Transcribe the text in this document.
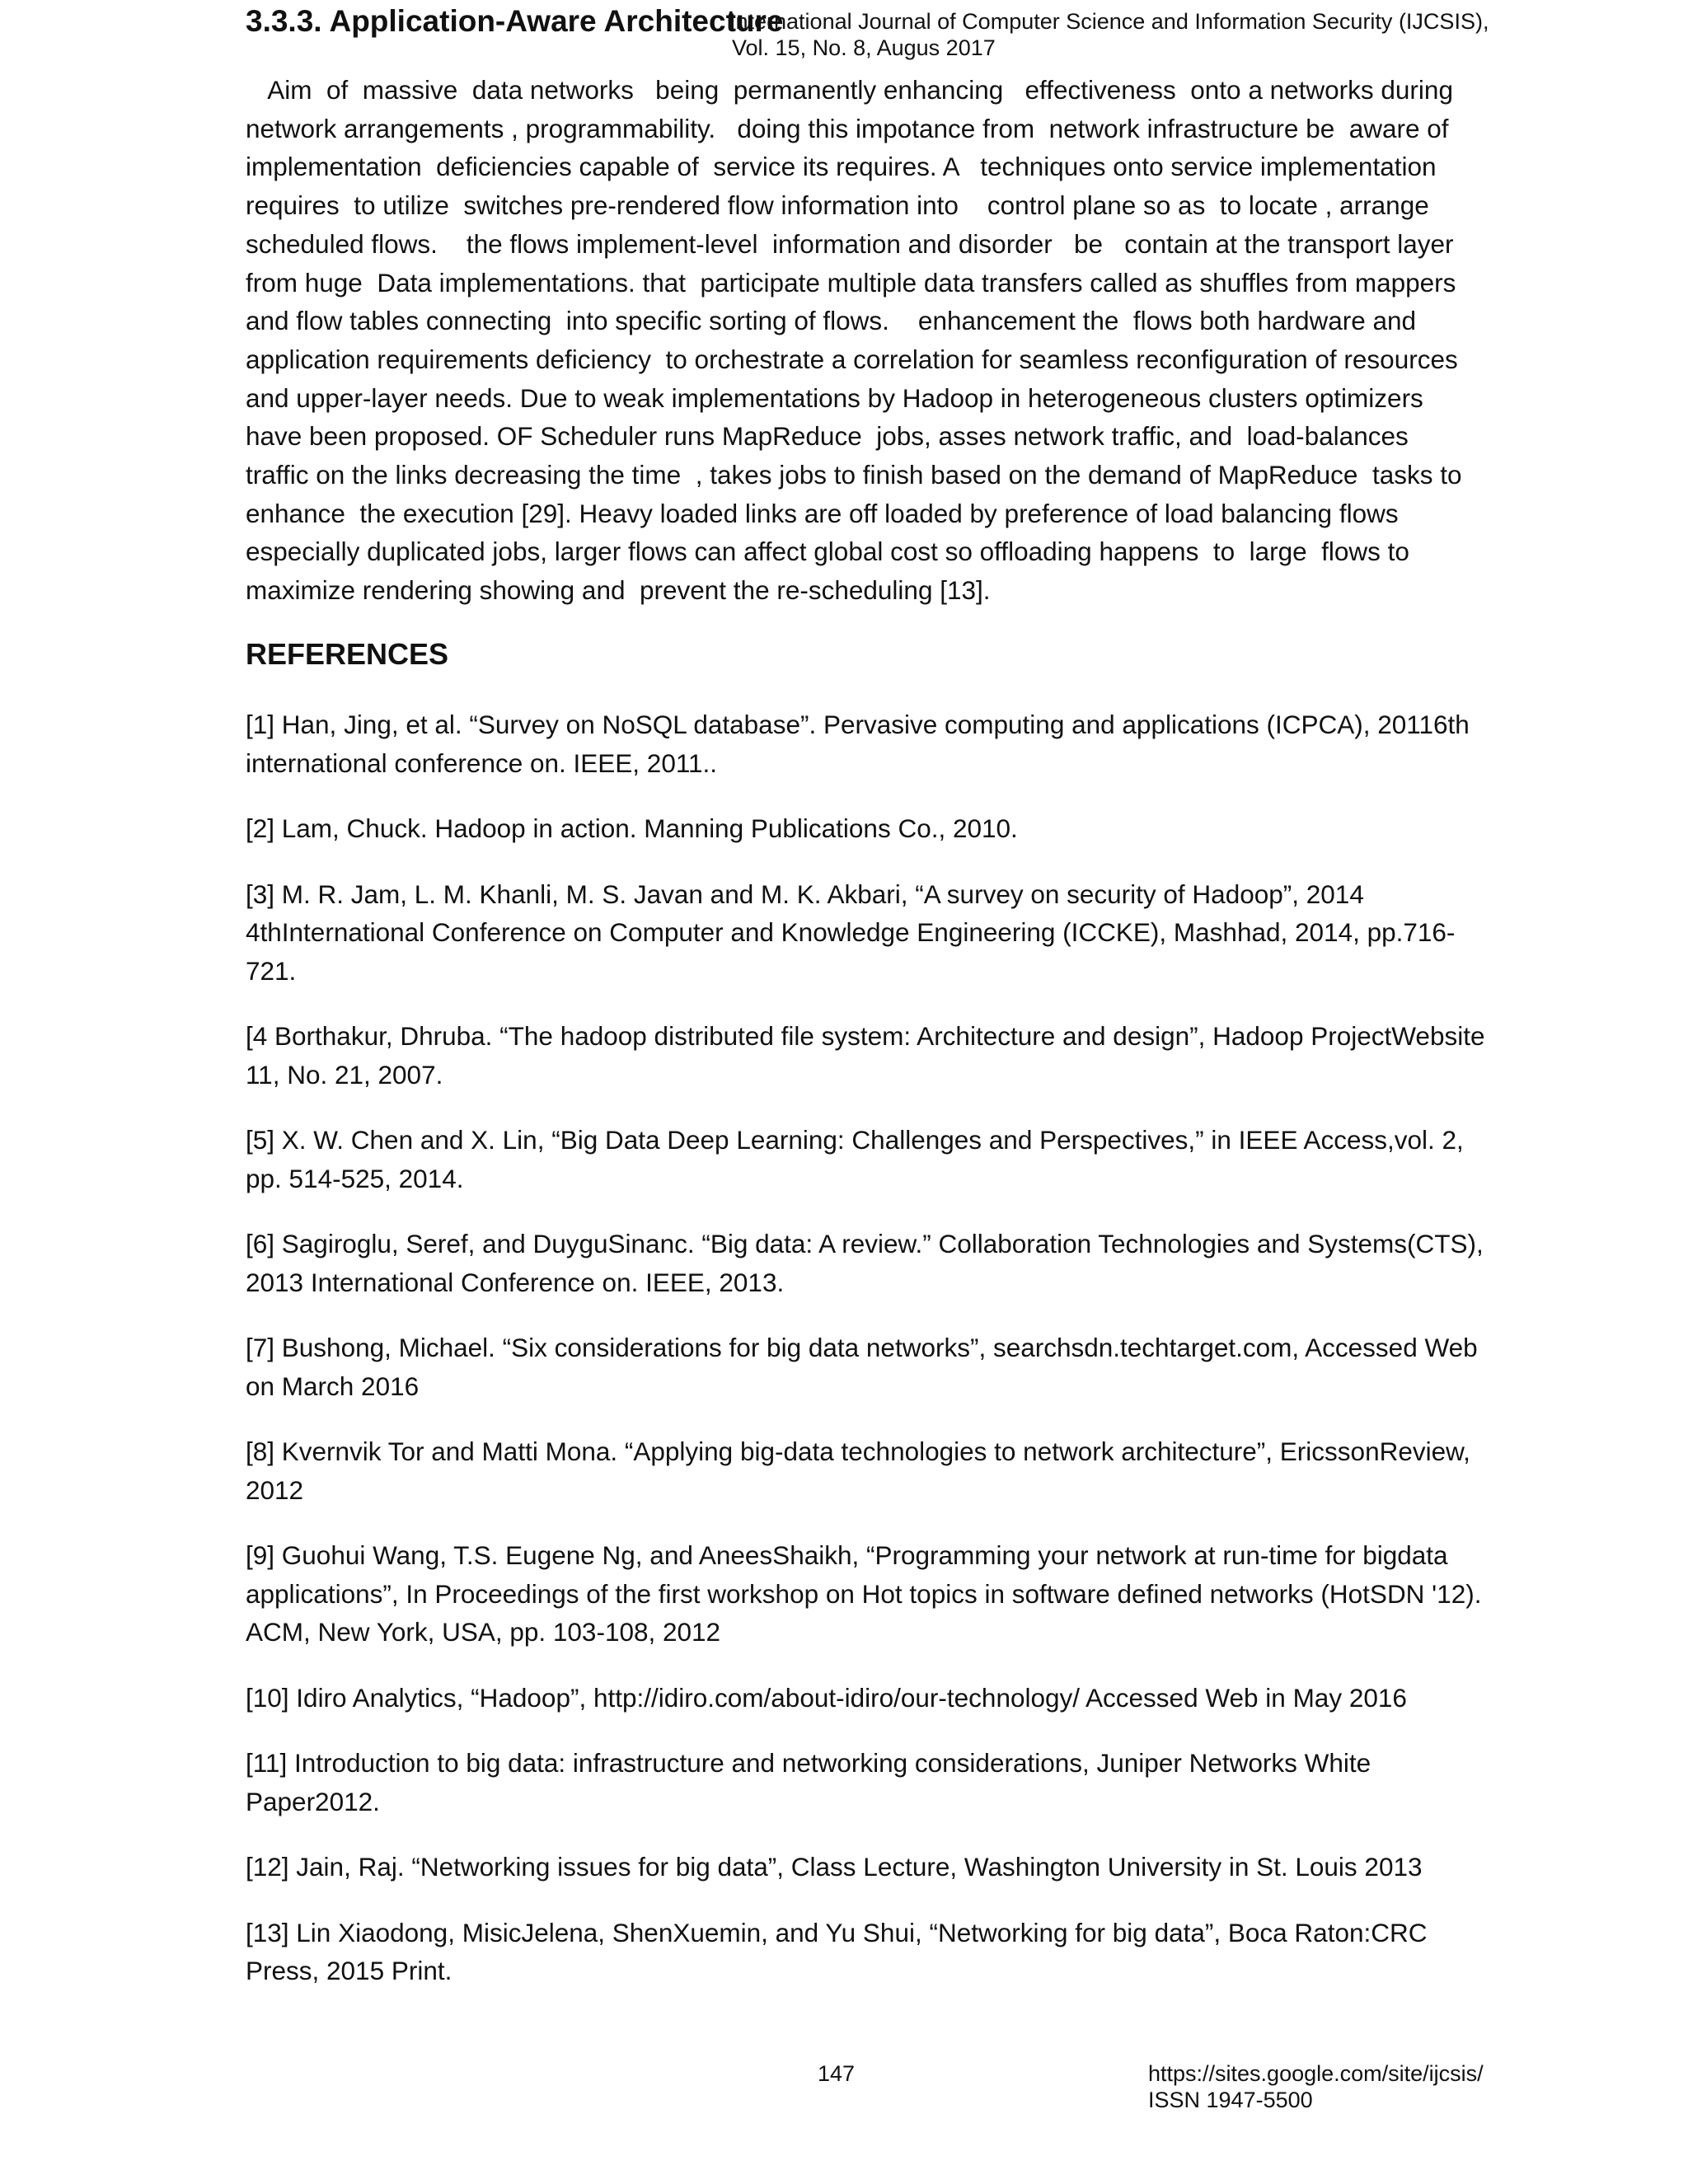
3.3.3. Application-Aware Architecture
International Journal of Computer Science and Information Security (IJCSIS),
Vol. 15, No. 8, Augus 2017

Aim  of  massive  data networks   being  permanently enhancing   effectiveness  onto a networks during network arrangements , programmability.   doing this impotance from  network infrastructure be  aware of implementation  deficiencies capable of  service its requires. A   techniques onto service implementation requires  to utilize  switches pre-rendered flow information into    control plane so as  to locate , arrange scheduled flows.    the flows implement-level  information and disorder   be   contain at the transport layer from huge  Data implementations. that  participate multiple data transfers called as shuffles from mappers and flow tables connecting  into specific sorting of flows.    enhancement the  flows both hardware and application requirements deficiency  to orchestrate a correlation for seamless reconfiguration of resources and upper-layer needs. Due to weak implementations by Hadoop in heterogeneous clusters optimizers have been proposed. OF Scheduler runs MapReduce  jobs, asses network traffic, and  load-balances traffic on the links decreasing the time  , takes jobs to finish based on the demand of MapReduce  tasks to enhance  the execution [29]. Heavy loaded links are off loaded by preference of load balancing flows especially duplicated jobs, larger flows can affect global cost so offloading happens  to  large  flows to maximize rendering showing and  prevent the re-scheduling [13].

REFERENCES
[1] Han, Jing, et al. “Survey on NoSQL database”. Pervasive computing and applications (ICPCA), 20116th international conference on. IEEE, 2011..
[2] Lam, Chuck. Hadoop in action. Manning Publications Co., 2010.
[3] M. R. Jam, L. M. Khanli, M. S. Javan and M. K. Akbari, “A survey on security of Hadoop”, 2014 4thInternational Conference on Computer and Knowledge Engineering (ICCKE), Mashhad, 2014, pp.716-721.
[4 Borthakur, Dhruba. “The hadoop distributed file system: Architecture and design”, Hadoop ProjectWebsite 11, No. 21, 2007.
[5] X. W. Chen and X. Lin, “Big Data Deep Learning: Challenges and Perspectives,” in IEEE Access,vol. 2, pp. 514-525, 2014.
[6] Sagiroglu, Seref, and DuyguSinanc. “Big data: A review.” Collaboration Technologies and Systems(CTS), 2013 International Conference on. IEEE, 2013.
[7] Bushong, Michael. “Six considerations for big data networks”, searchsdn.techtarget.com, Accessed Web on March 2016
[8] Kvernvik Tor and Matti Mona. “Applying big-data technologies to network architecture”, EricssonReview, 2012
[9] Guohui Wang, T.S. Eugene Ng, and AneesShaikh, “Programming your network at run-time for bigdata applications”, In Proceedings of the first workshop on Hot topics in software defined networks (HotSDN '12). ACM, New York, USA, pp. 103-108, 2012
[10] Idiro Analytics, “Hadoop”, http://idiro.com/about-idiro/our-technology/ Accessed Web in May 2016
[11] Introduction to big data: infrastructure and networking considerations, Juniper Networks White Paper2012.
[12] Jain, Raj. “Networking issues for big data”, Class Lecture, Washington University in St. Louis 2013
[13] Lin Xiaodong, MisicJelena, ShenXuemin, and Yu Shui, “Networking for big data”, Boca Raton:CRC Press, 2015 Print.
147	https://sites.google.com/site/ijcsis/
ISSN 1947-5500
